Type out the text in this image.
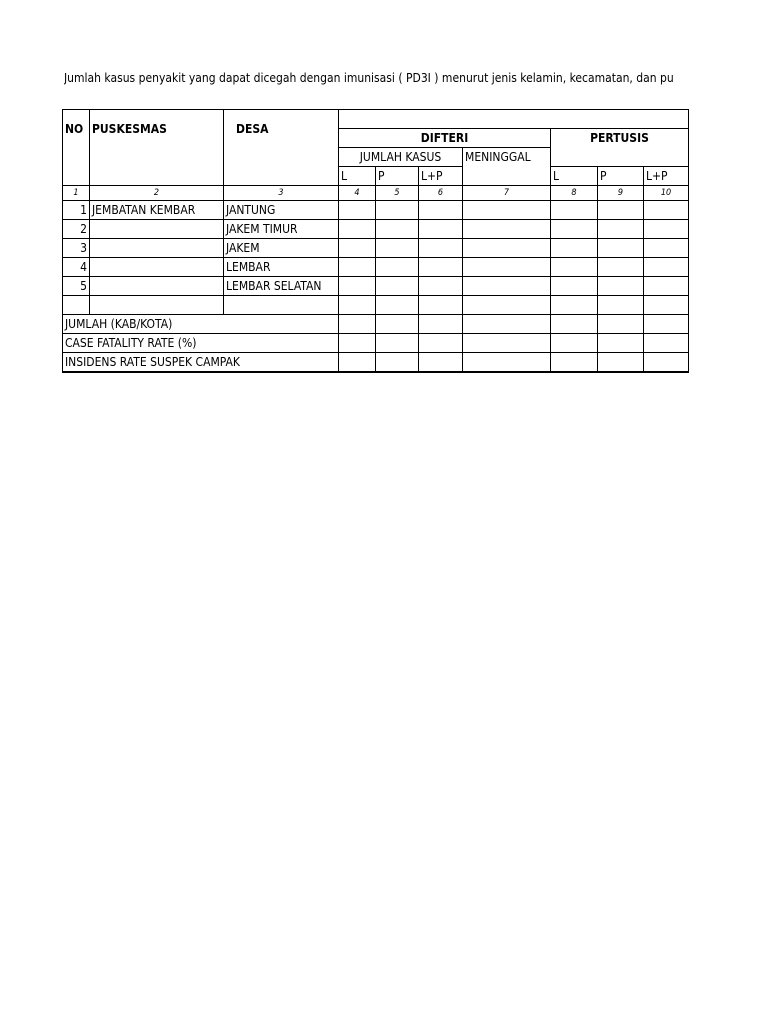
Jumlah kasus penyakit yang dapat dicegah dengan imunisasi ( PD3I ) menurut jenis kelamin, kecamatan, dan pu
NO	PUSKESMAS	DESA							
			DIFTERI				PERTUSIS		
			JUMLAH KASUS			MENINGGAL			
			L	P	L+P		L	P	L+P
1	2	3	4	5	6	7	8	9	10
1	JEMBATAN KEMBAR	JANTUNG							
2		JAKEM TIMUR							
3		JAKEM							
4		LEMBAR							
5		LEMBAR SELATAN							

JUMLAH (KAB/KOTA)									
CASE FATALITY RATE (%)									
INSIDENS RATE SUSPEK CAMPAK									
